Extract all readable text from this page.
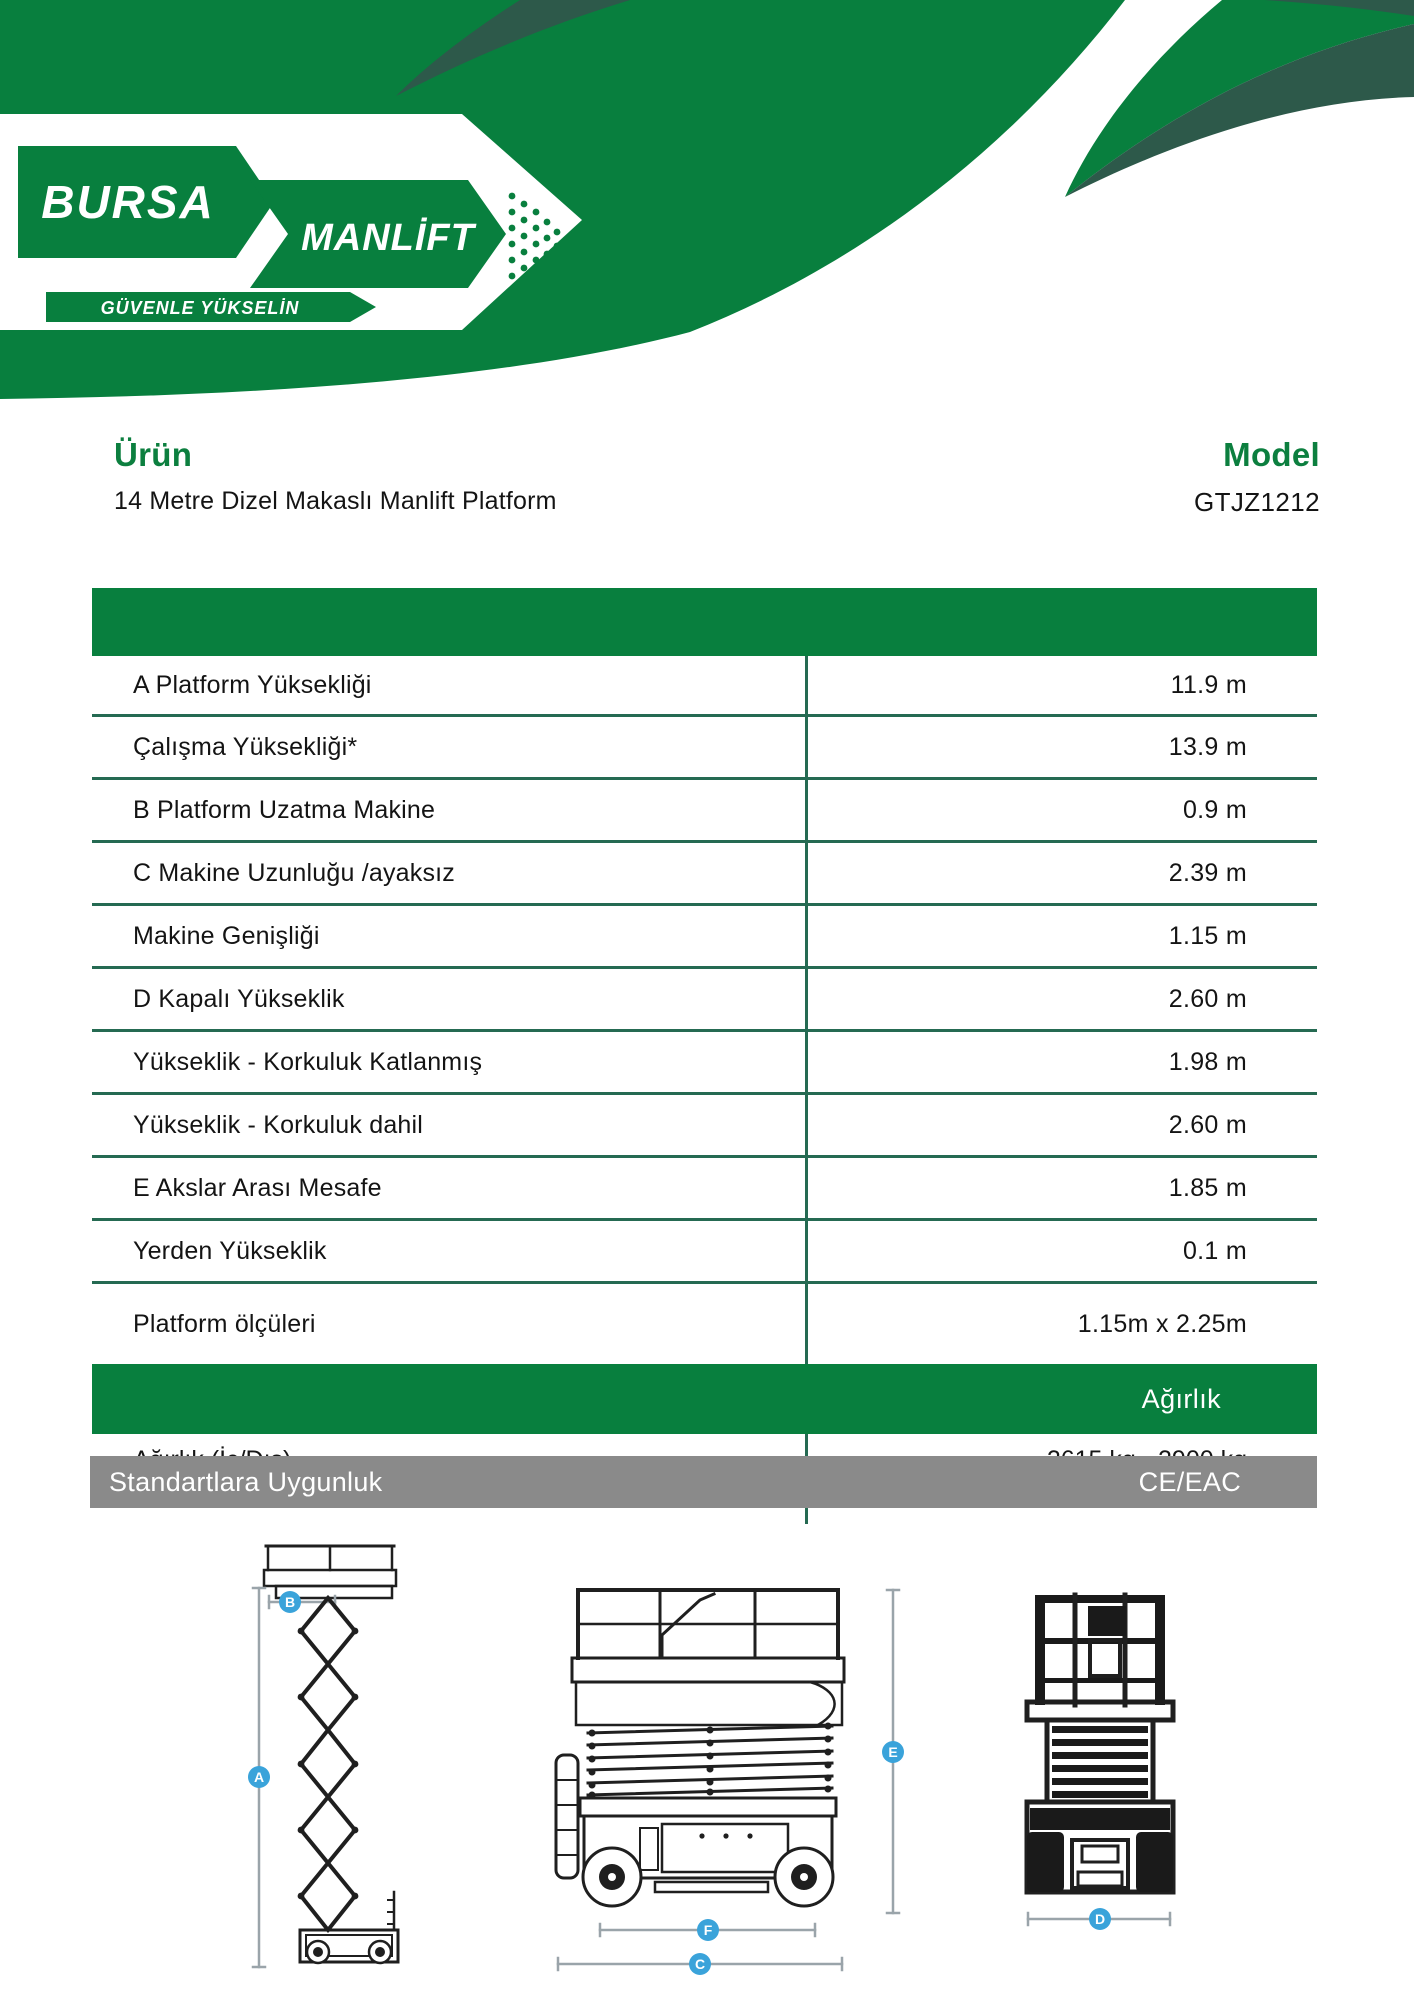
BURSA
MANLİFT
GÜVENLE YÜKSELİN
Ürün
14 Metre Dizel Makaslı Manlift Platform
Model
GTJZ1212
A Platform Yüksekliği	11.9 m
Çalışma Yüksekliği*	13.9 m
B Platform Uzatma Makine	0.9 m
C Makine Uzunluğu /ayaksız	2.39 m
Makine Genişliği	1.15 m
D Kapalı Yükseklik	2.60 m
Yükseklik - Korkuluk Katlanmış	1.98 m
Yükseklik - Korkuluk dahil	2.60 m
E Akslar Arası Mesafe	1.85 m
Yerden Yükseklik	0.1 m
Platform ölçüleri	1.15m x 2.25m
Ağırlık
Standartlara Uygunluk	CE/EAC
B
A
E
F
C
D
